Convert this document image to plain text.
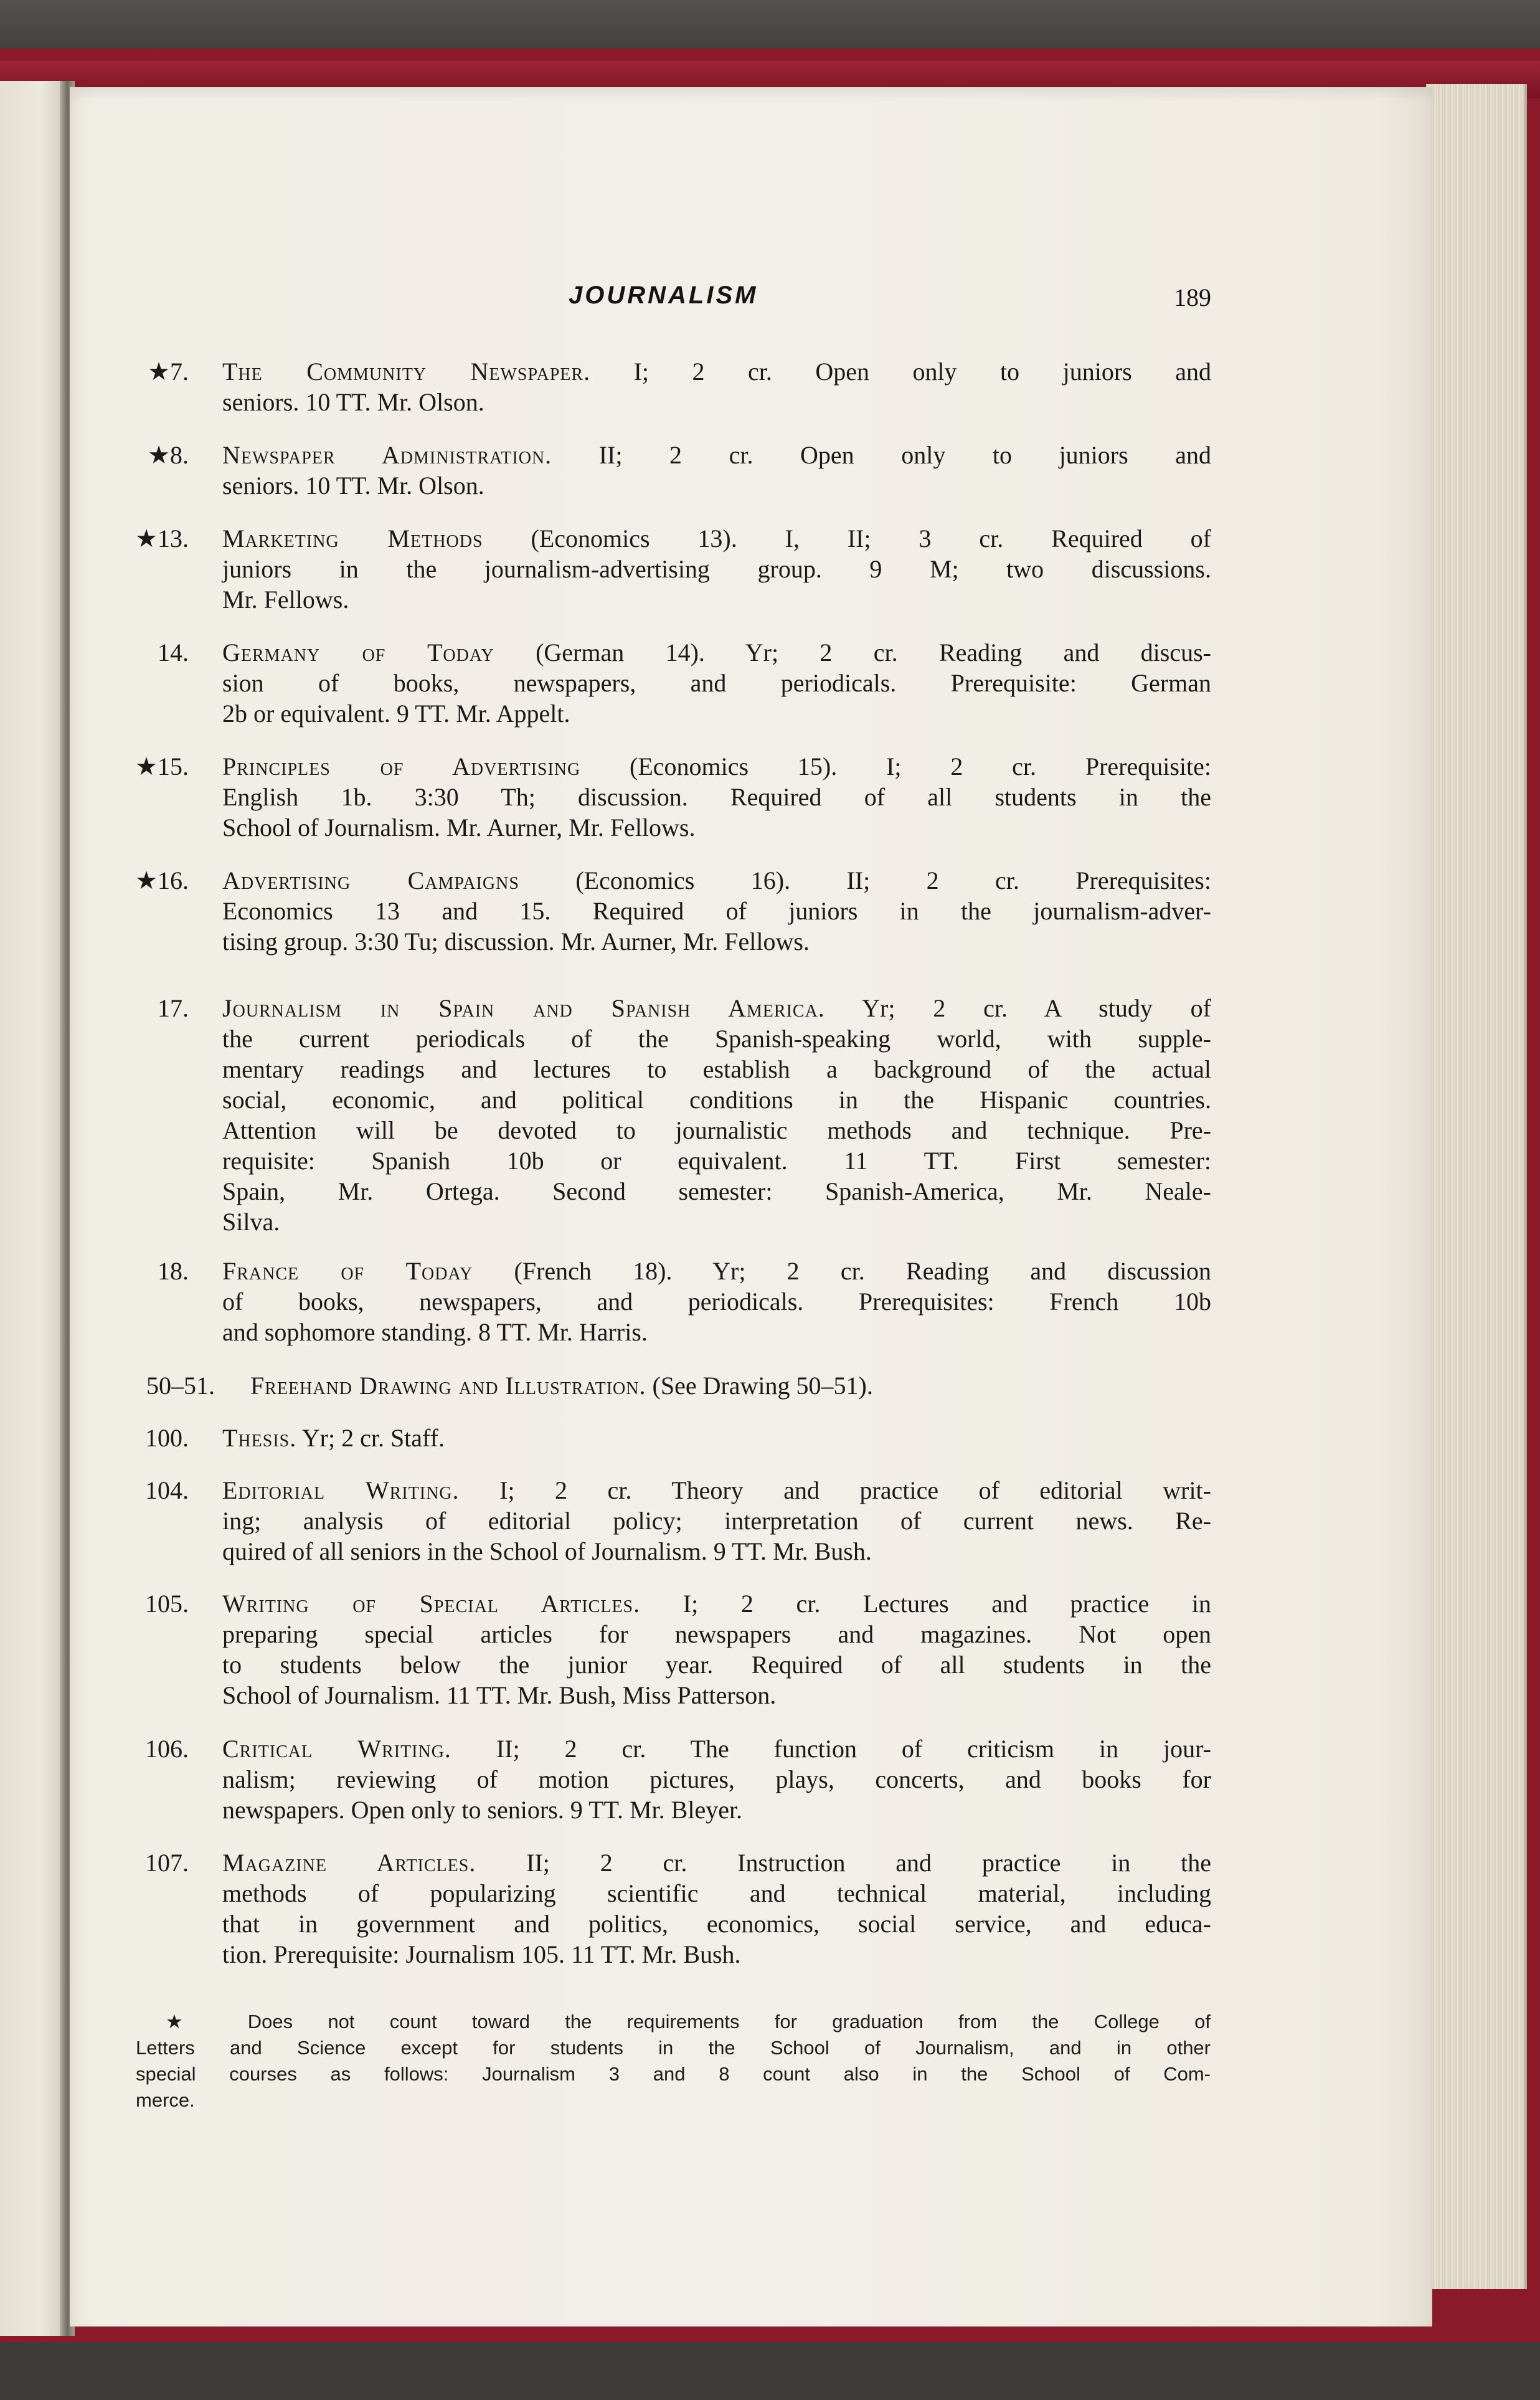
JOURNALISM	189
★7. The Community Newspaper. I; 2 cr. Open only to juniors and
seniors. 10 TT. Mr. Olson.
★8. Newspaper Administration. II; 2 cr. Open only to juniors and
seniors. 10 TT. Mr. Olson.
★13. Marketing Methods (Economics 13). I, II; 3 cr. Required of
juniors in the journalism-advertising group. 9 M; two discussions.
Mr. Fellows.
14. Germany of Today (German 14). Yr; 2 cr. Reading and discus-
sion of books, newspapers, and periodicals. Prerequisite: German
2b or equivalent. 9 TT. Mr. Appelt.
★15. Principles of Advertising (Economics 15). I; 2 cr. Prerequisite:
English 1b. 3:30 Th; discussion. Required of all students in the
School of Journalism. Mr. Aurner, Mr. Fellows.
★16. Advertising Campaigns (Economics 16). II; 2 cr. Prerequisites:
Economics 13 and 15. Required of juniors in the journalism-adver-
tising group. 3:30 Tu; discussion. Mr. Aurner, Mr. Fellows.
17. Journalism in Spain and Spanish America. Yr; 2 cr. A study of
the current periodicals of the Spanish-speaking world, with supple-
mentary readings and lectures to establish a background of the actual
social, economic, and political conditions in the Hispanic countries.
Attention will be devoted to journalistic methods and technique. Pre-
requisite: Spanish 10b or equivalent. 11 TT. First semester:
Spain, Mr. Ortega. Second semester: Spanish-America, Mr. Neale-
Silva.
18. France of Today (French 18). Yr; 2 cr. Reading and discussion
of books, newspapers, and periodicals. Prerequisites: French 10b
and sophomore standing. 8 TT. Mr. Harris.
50–51. Freehand Drawing and Illustration. (See Drawing 50–51).
100. Thesis. Yr; 2 cr. Staff.
104. Editorial Writing. I; 2 cr. Theory and practice of editorial writ-
ing; analysis of editorial policy; interpretation of current news. Re-
quired of all seniors in the School of Journalism. 9 TT. Mr. Bush.
105. Writing of Special Articles. I; 2 cr. Lectures and practice in
preparing special articles for newspapers and magazines. Not open
to students below the junior year. Required of all students in the
School of Journalism. 11 TT. Mr. Bush, Miss Patterson.
106. Critical Writing. II; 2 cr. The function of criticism in jour-
nalism; reviewing of motion pictures, plays, concerts, and books for
newspapers. Open only to seniors. 9 TT. Mr. Bleyer.
107. Magazine Articles. II; 2 cr. Instruction and practice in the
methods of popularizing scientific and technical material, including
that in government and politics, economics, social service, and educa-
tion. Prerequisite: Journalism 105. 11 TT. Mr. Bush.
★ Does not count toward the requirements for graduation from the College of
Letters and Science except for students in the School of Journalism, and in other
special courses as follows: Journalism 3 and 8 count also in the School of Com-
merce.
